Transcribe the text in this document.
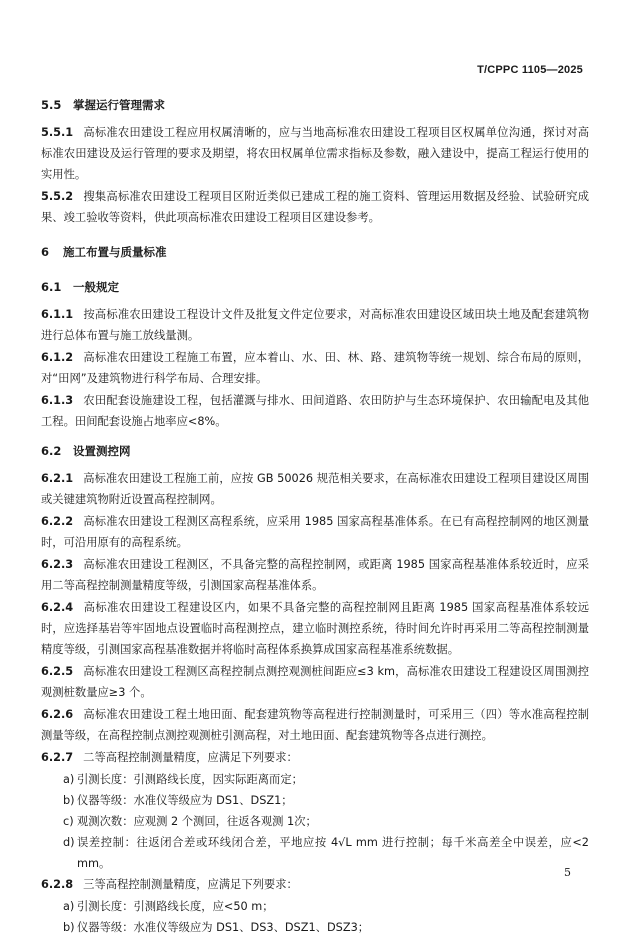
T/CPPC 1105—2025
5.5 掌握运行管理需求
5.5.1 高标准农田建设工程应用权属清晰的，应与当地高标准农田建设工程项目区权属单位沟通，探讨对高标准农田建设及运行管理的要求及期望，将农田权属单位需求指标及参数，融入建设中，提高工程运行使用的实用性。
5.5.2 搜集高标准农田建设工程项目区附近类似已建成工程的施工资料、管理运用数据及经验、试验研究成果、竣工验收等资料，供此项高标准农田建设工程项目区建设参考。
6 施工布置与质量标准
6.1 一般规定
6.1.1 按高标准农田建设工程设计文件及批复文件定位要求，对高标准农田建设区域田块土地及配套建筑物进行总体布置与施工放线量测。
6.1.2 高标准农田建设工程施工布置，应本着山、水、田、林、路、建筑物等统一规划、综合布局的原则，对“田网”及建筑物进行科学布局、合理安排。
6.1.3 农田配套设施建设工程，包括灌溉与排水、田间道路、农田防护与生态环境保护、农田输配电及其他工程。田间配套设施占地率应<8%。
6.2 设置测控网
6.2.1 高标准农田建设工程施工前，应按 GB 50026 规范相关要求，在高标准农田建设工程项目建设区周围或关键建筑物附近设置高程控制网。
6.2.2 高标准农田建设工程测区高程系统，应采用 1985 国家高程基准体系。在已有高程控制网的地区测量时，可沿用原有的高程系统。
6.2.3 高标准农田建设工程测区，不具备完整的高程控制网，或距离 1985 国家高程基准体系较近时，应采用二等高程控制测量精度等级，引测国家高程基准体系。
6.2.4 高标准农田建设工程建设区内，如果不具备完整的高程控制网且距离 1985 国家高程基准体系较远时，应选择基岩等牢固地点设置临时高程测控点，建立临时测控系统，待时间允许时再采用二等高程控制测量精度等级，引测国家高程基准数据并将临时高程体系换算成国家高程基准系统数据。
6.2.5 高标准农田建设工程测区高程控制点测控观测桩间距应≤3 km，高标准农田建设工程建设区周围测控观测桩数量应≥3 个。
6.2.6 高标准农田建设工程土地田面、配套建筑物等高程进行控制测量时，可采用三（四）等水准高程控制测量等级，在高程控制点测控观测桩引测高程，对土地田面、配套建筑物等各点进行测控。
6.2.7 二等高程控制测量精度，应满足下列要求：
a) 引测长度：引测路线长度，因实际距离而定；
b) 仪器等级：水准仪等级应为 DS1、DSZ1；
c) 观测次数：应观测 2 个测回，往返各观测 1次；
d) 误差控制：往返闭合差或环线闭合差，平地应按 4√L mm 进行控制；每千米高差全中误差，应<2 mm。
6.2.8 三等高程控制测量精度，应满足下列要求：
a) 引测长度：引测路线长度，应<50 m；
b) 仪器等级：水准仪等级应为 DS1、DS3、DSZ1、DSZ3；
5
